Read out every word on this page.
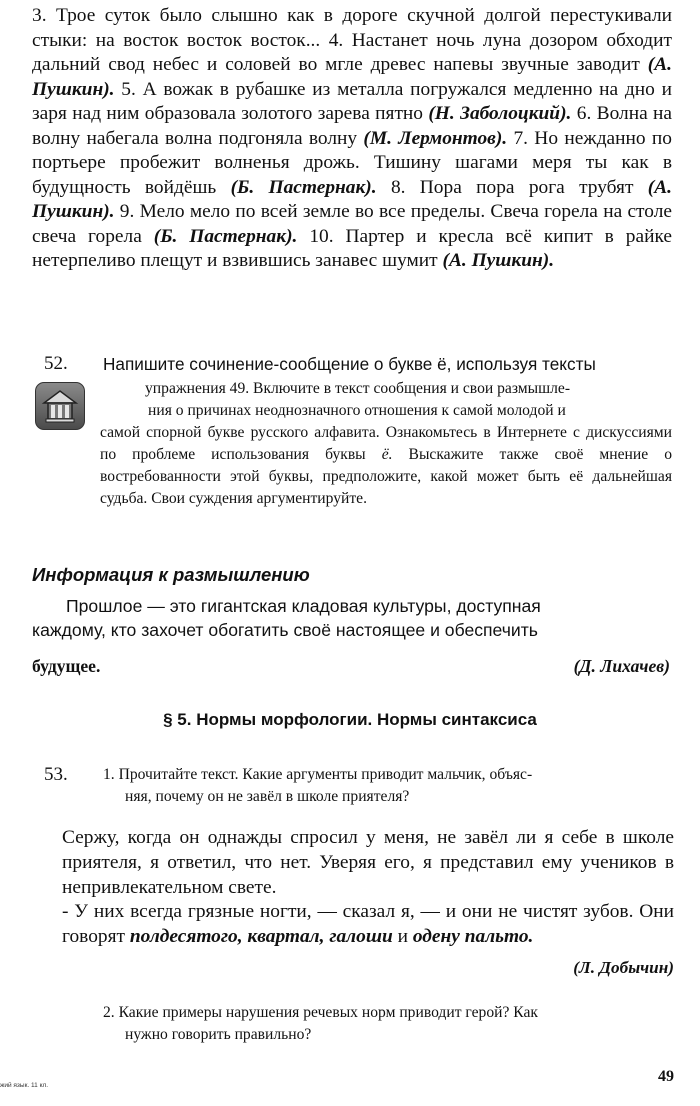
3. Трое суток было слышно как в дороге скучной долгой перестукивали стыки: на восток восток восток... 4. Настанет ночь луна дозором обходит дальний свод небес и соловей во мгле древес напевы звучные заводит (А. Пушкин). 5. А вожак в рубашке из металла погружался медленно на дно и заря над ним образовала золотого зарева пятно (Н. Заболоцкий). 6. Волна на волну набегала волна подгоняла волну (М. Лермонтов). 7. Но нежданно по портьере пробежит волненья дрожь. Тишину шагами меря ты как в будущность войдёшь (Б. Пастернак). 8. Пора пора рога трубят (А. Пушкин). 9. Мело мело по всей земле во все пределы. Свеча горела на столе свеча горела (Б. Пастернак). 10. Партер и кресла всё кипит в райке нетерпеливо плещут и взвившись занавес шумит (А. Пушкин).
52. Напишите сочинение-сообщение о букве ё, используя тексты
упражнения 49. Включите в текст сообщения и свои размышле-
ния о причинах неоднозначного отношения к самой молодой и
самой спорной букве русского алфавита. Ознакомьтесь в Интернете с дискуссиями по проблеме использования буквы ё. Выскажите также своё мнение о востребованности этой буквы, предположите, какой может быть её дальнейшая судьба. Свои суждения аргументируйте.
Информация к размышлению
Прошлое — это гигантская кладовая культуры, доступная
каждому, кто захочет обогатить своё настоящее и обеспечить
будущее.	(Д. Лихачев)
§ 5. Нормы морфологии. Нормы синтаксиса
53. 1. Прочитайте текст. Какие аргументы приводит мальчик, объяс-
няя, почему он не завёл в школе приятеля?
Сержу, когда он однажды спросил у меня, не завёл ли я себе в школе приятеля, я ответил, что нет. Уверяя его, я представил ему учеников в непривлекательном свете.
- У них всегда грязные ногти, — сказал я, — и они не чистят зубов. Они говорят полдесятого, квартал, галоши и одену пальто.
(Л. Добычин)
2. Какие примеры нарушения речевых норм приводит герой? Как
нужно говорить правильно?
49
жий язык. 11 кл.
